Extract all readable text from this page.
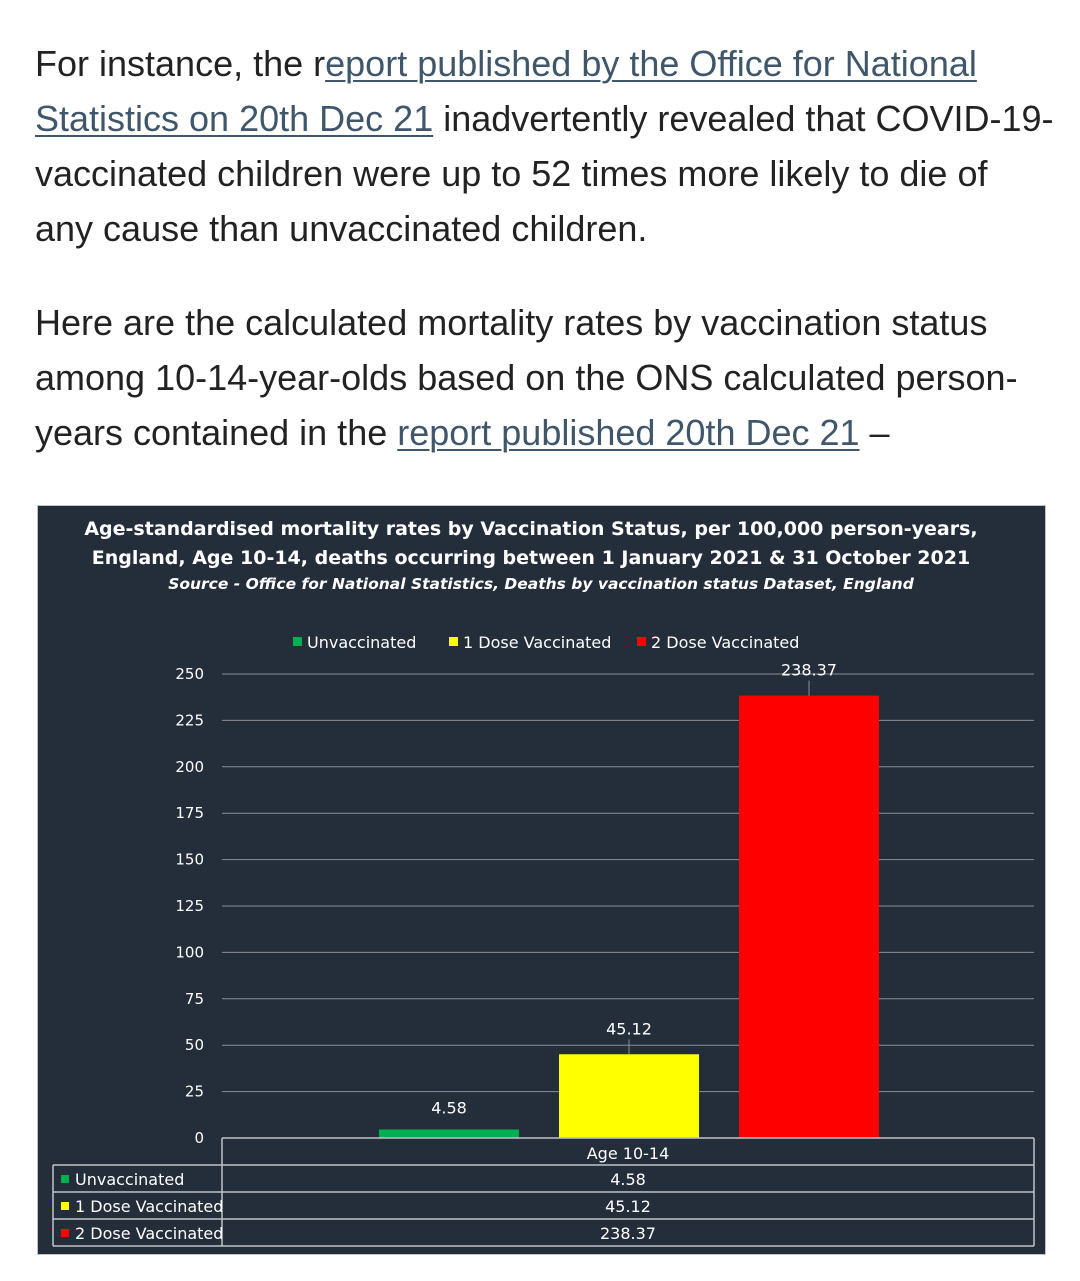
For instance, the report published by the Office for National Statistics on 20th Dec 21 inadvertently revealed that COVID-19-vaccinated children were up to 52 times more likely to die of any cause than unvaccinated children.

Here are the calculated mortality rates by vaccination status among 10-14-year-olds based on the ONS calculated person-years contained in the report published 20th Dec 21 –

Age-standardised mortality rates by Vaccination Status, per 100,000 person-years,
England, Age 10-14, deaths occurring between 1 January 2021 & 31 October 2021
Source - Office for National Statistics, Deaths by vaccination status Dataset, England
Unvaccinated	1 Dose Vaccinated 2 Dose Vaccinated
0
25
50
75
100
125
150
175
200
225
250
4.58
45.12
238.37
Age 10-14
Unvaccinated	4.58
1 Dose Vaccinated	45.12
2 Dose Vaccinated	238.37
